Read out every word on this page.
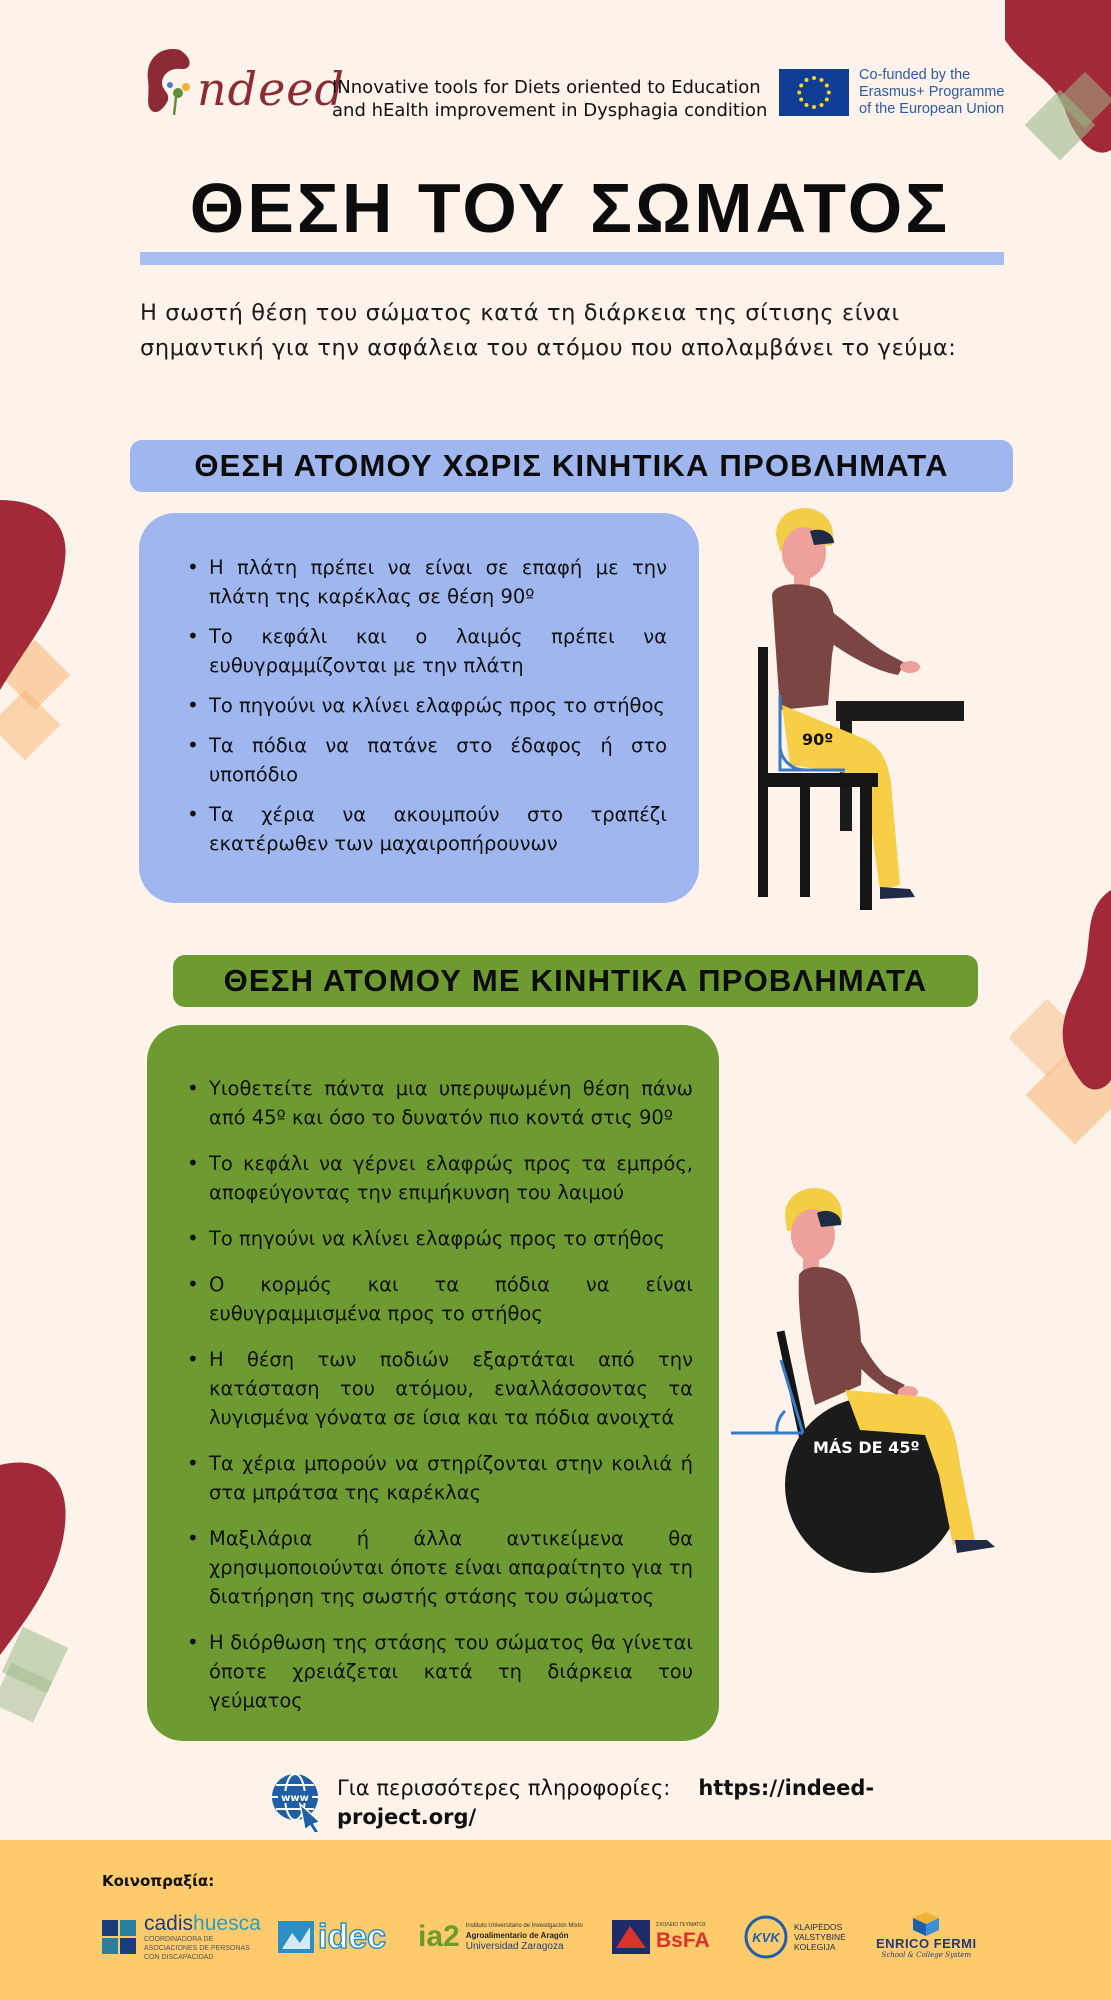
ndeed
INnovative tools for Diets oriented to Education
and hEalth improvement in Dysphagia condition
Co-funded by the
Erasmus+ Programme
of the European Union
ΘΕΣΗ ΤΟΥ ΣΩΜΑΤΟΣ
Η σωστή θέση του σώματος κατά τη διάρκεια της σίτισης είναι σημαντική για την ασφάλεια του ατόμου που απολαμβάνει το γεύμα:
ΘΕΣΗ ΑΤΟΜΟΥ ΧΩΡΙΣ ΚΙΝΗΤΙΚΑ ΠΡΟΒΛΗΜΑΤΑ
• Η πλάτη πρέπει να είναι σε επαφή με την πλάτη της καρέκλας σε θέση 90º
• Το κεφάλι και ο λαιμός πρέπει να ευθυγραμμίζονται με την πλάτη
• Το πηγούνι να κλίνει ελαφρώς προς το στήθος
• Τα πόδια να πατάνε στο έδαφος ή στο υποπόδιο
• Τα χέρια να ακουμπούν στο τραπέζι εκατέρωθεν των μαχαιροπήρουνων
90º
ΘΕΣΗ ΑΤΟΜΟΥ ΜΕ ΚΙΝΗΤΙΚΑ ΠΡΟΒΛΗΜΑΤΑ
• Υιοθετείτε πάντα μια υπερυψωμένη θέση πάνω από 45º και όσο το δυνατόν πιο κοντά στις 90º
• Το κεφάλι να γέρνει ελαφρώς προς τα εμπρός, αποφεύγοντας την επιμήκυνση του λαιμού
• Το πηγούνι να κλίνει ελαφρώς προς το στήθος
• Ο κορμός και τα πόδια να είναι ευθυγραμμισμένα προς το στήθος
• Η θέση των ποδιών εξαρτάται από την κατάσταση του ατόμου, εναλλάσσοντας τα λυγισμένα γόνατα σε ίσια και τα πόδια ανοιχτά
• Τα χέρια μπορούν να στηρίζονται στην κοιλιά ή στα μπράτσα της καρέκλας
• Μαξιλάρια ή άλλα αντικείμενα θα χρησιμοποιούνται όποτε είναι απαραίτητο για τη διατήρηση της σωστής στάσης του σώματος
• Η διόρθωση της στάσης του σώματος θα γίνεται όποτε χρειάζεται κατά τη διάρκεια του γεύματος
MÁS DE 45º
www Για περισσότερες πληροφορίες: https://indeed-project.org/
Κοινοπραξία:
cadishuesca
COORDINADORA DE ASOCIACIONES DE PERSONAS CON DISCAPACIDAD
idec ia2 Instituto Universitario de Investigación Mixto
Agroalimentario de Aragón
Universidad Zaragoza
ΣΧΟΛΕΙΟ ΓΕΥΜΑΤΟΣ
BsFA	KVK
KLAIPĖDOS
VALSTYBINĖ
KOLEGIJA	ENRICO FERMI
School & College System
